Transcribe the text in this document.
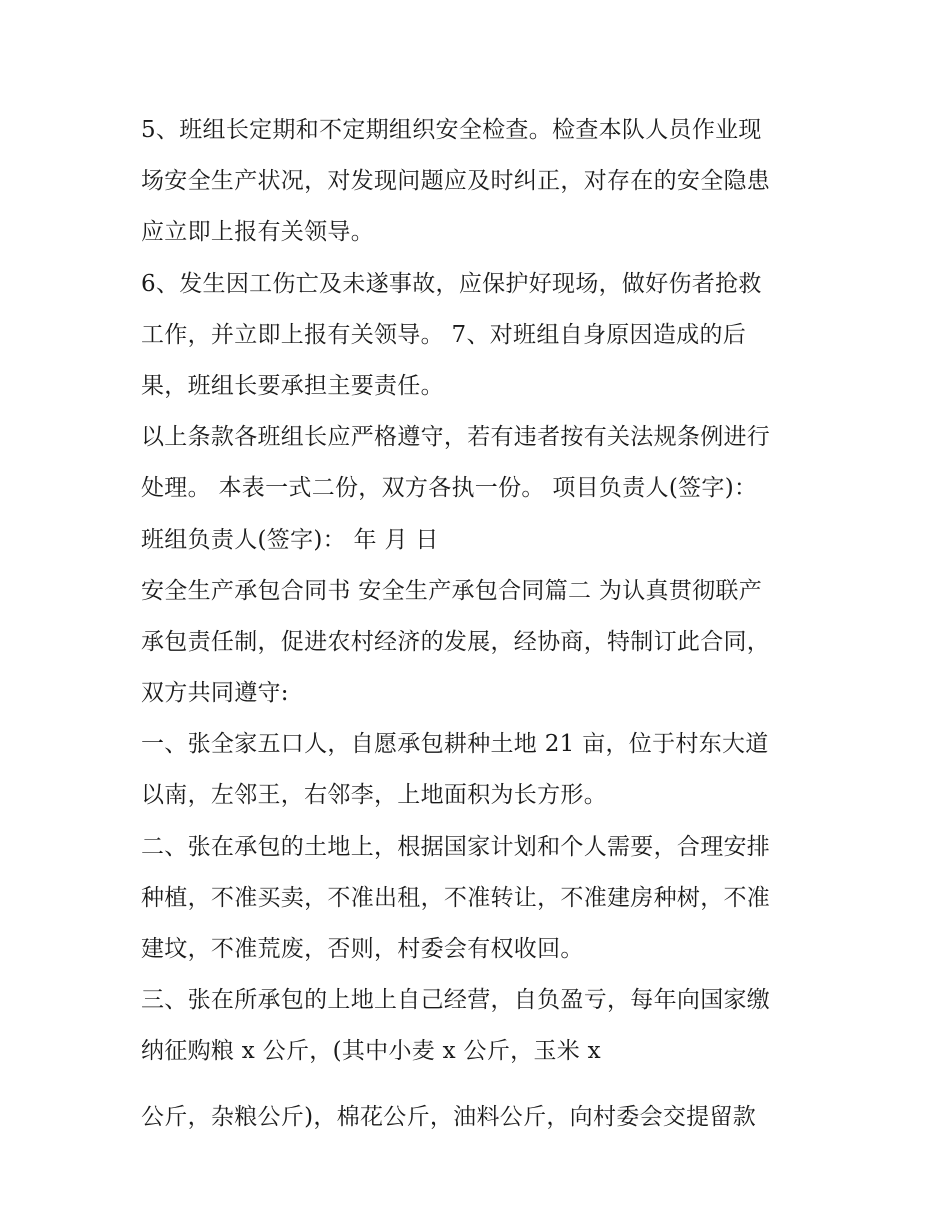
5、班组长定期和不定期组织安全检查。检查本队人员作业现
场安全生产状况，对发现问题应及时纠正，对存在的安全隐患
应立即上报有关领导。
6、发生因工伤亡及未遂事故，应保护好现场，做好伤者抢救
工作，并立即上报有关领导。 7、对班组自身原因造成的后
果，班组长要承担主要责任。
以上条款各班组长应严格遵守，若有违者按有关法规条例进行
处理。 本表一式二份，双方各执一份。 项目负责人(签字)：
班组负责人(签字)： 年 月 日
安全生产承包合同书 安全生产承包合同篇二 为认真贯彻联产
承包责任制，促进农村经济的发展，经协商，特制订此合同，
双方共同遵守:
一、张全家五口人，自愿承包耕种土地 21 亩，位于村东大道
以南，左邻王，右邻李，上地面积为长方形。
二、张在承包的土地上，根据国家计划和个人需要，合理安排
种植，不准买卖，不准出租，不准转让，不准建房种树，不准
建坟，不准荒废，否则，村委会有权收回。
三、张在所承包的上地上自己经营，自负盈亏，每年向国家缴
纳征购粮 x 公斤，(其中小麦 x 公斤，玉米 x
公斤，杂粮公斤)，棉花公斤，油料公斤，向村委会交提留款
